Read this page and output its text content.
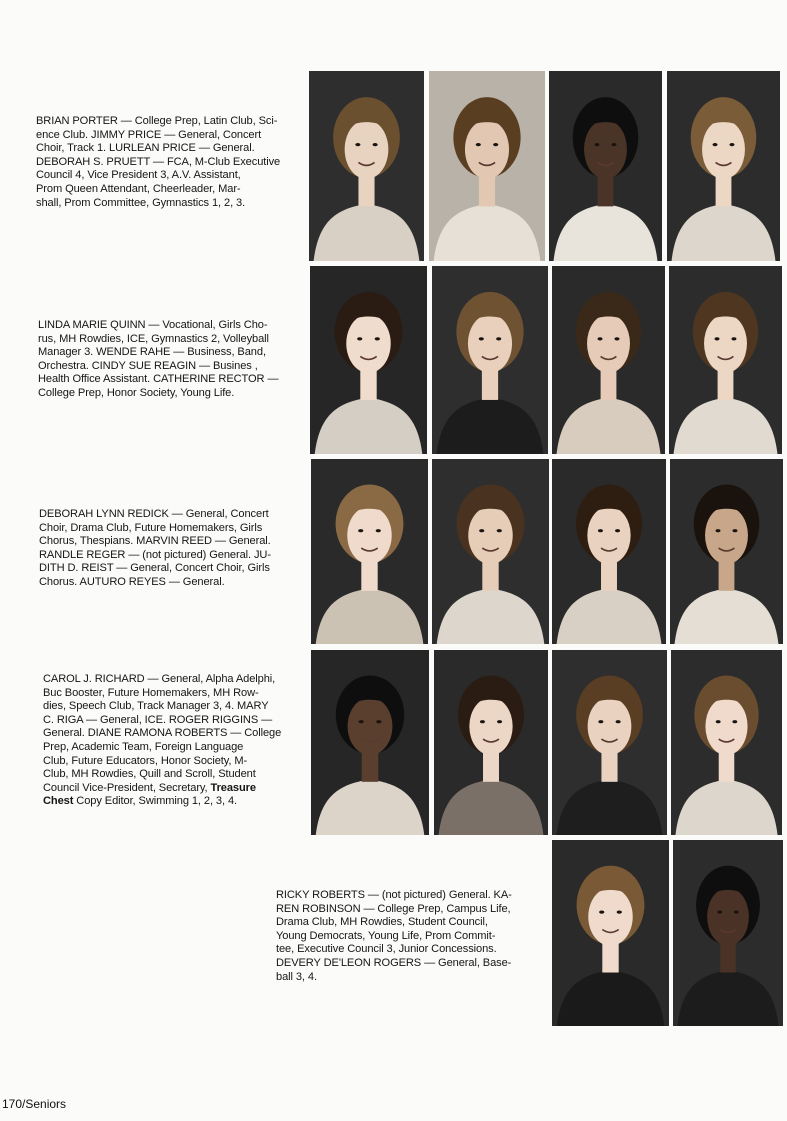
BRIAN PORTER — College Prep, Latin Club, Sci-
ence Club. JIMMY PRICE — General, Concert
Choir, Track 1. LURLEAN PRICE — General.
DEBORAH S. PRUETT — FCA, M-Club Executive
Council 4, Vice President 3, A.V. Assistant,
Prom Queen Attendant, Cheerleader, Mar-
shall, Prom Committee, Gymnastics 1, 2, 3.
LINDA MARIE QUINN — Vocational, Girls Cho-
rus, MH Rowdies, ICE, Gymnastics 2, Volleyball
Manager 3. WENDE RAHE — Business, Band,
Orchestra. CINDY SUE REAGIN — Busines ,
Health Office Assistant. CATHERINE RECTOR —
College Prep, Honor Society, Young Life.
DEBORAH LYNN REDICK — General, Concert
Choir, Drama Club, Future Homemakers, Girls
Chorus, Thespians. MARVIN REED — General.
RANDLE REGER — (not pictured) General. JU-
DITH D. REIST — General, Concert Choir, Girls
Chorus. AUTURO REYES — General.
CAROL J. RICHARD — General, Alpha Adelphi,
Buc Booster, Future Homemakers, MH Row-
dies, Speech Club, Track Manager 3, 4. MARY
C. RIGA — General, ICE. ROGER RIGGINS —
General. DIANE RAMONA ROBERTS — College
Prep, Academic Team, Foreign Language
Club, Future Educators, Honor Society, M-
Club, MH Rowdies, Quill and Scroll, Student
Council Vice-President, Secretary, Treasure
Chest Copy Editor, Swimming 1, 2, 3, 4.
RICKY ROBERTS — (not pictured) General. KA-
REN ROBINSON — College Prep, Campus Life,
Drama Club, MH Rowdies, Student Council,
Young Democrats, Young Life, Prom Commit-
tee, Executive Council 3, Junior Concessions.
DEVERY DE'LEON ROGERS — General, Base-
ball 3, 4.
170/Seniors
